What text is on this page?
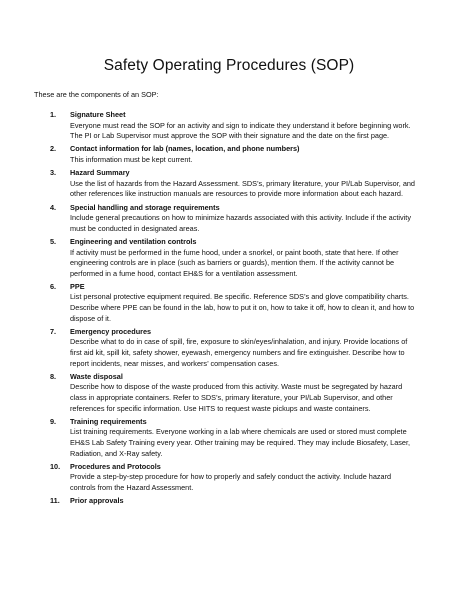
Safety Operating Procedures (SOP)

These are the components of an SOP:

1. Signature Sheet
Everyone must read the SOP for an activity and sign to indicate they understand it before beginning work. The PI or Lab Supervisor must approve the SOP with their signature and the date on the first page.
2. Contact information for lab (names, location, and phone numbers)
This information must be kept current.
3. Hazard Summary
Use the list of hazards from the Hazard Assessment. SDS’s, primary literature, your PI/Lab Supervisor, and other references like instruction manuals are resources to provide more information about each hazard.
4. Special handling and storage requirements
Include general precautions on how to minimize hazards associated with this activity. Include if the activity must be conducted in designated areas.
5. Engineering and ventilation controls
If activity must be performed in the fume hood, under a snorkel, or paint booth, state that here. If other engineering controls are in place (such as barriers or guards), mention them. If the activity cannot be performed in a fume hood, contact EH&S for a ventilation assessment.
6. PPE
List personal protective equipment required. Be specific. Reference SDS’s and glove compatibility charts. Describe where PPE can be found in the lab, how to put it on, how to take it off, how to clean it, and how to dispose of it.
7. Emergency procedures
Describe what to do in case of spill, fire, exposure to skin/eyes/inhalation, and injury. Provide locations of first aid kit, spill kit, safety shower, eyewash, emergency numbers and fire extinguisher. Describe how to report incidents, near misses, and workers’ compensation cases.
8. Waste disposal
Describe how to dispose of the waste produced from this activity. Waste must be segregated by hazard class in appropriate containers. Refer to SDS’s, primary literature, your PI/Lab Supervisor, and other references for specific information. Use HITS to request waste pickups and waste containers.
9. Training requirements
List training requirements. Everyone working in a lab where chemicals are used or stored must complete EH&S Lab Safety Training every year. Other training may be required. They may include Biosafety, Laser, Radiation, and X-Ray safety.
10. Procedures and Protocols
Provide a step-by-step procedure for how to properly and safely conduct the activity. Include hazard controls from the Hazard Assessment.
11. Prior approvals
